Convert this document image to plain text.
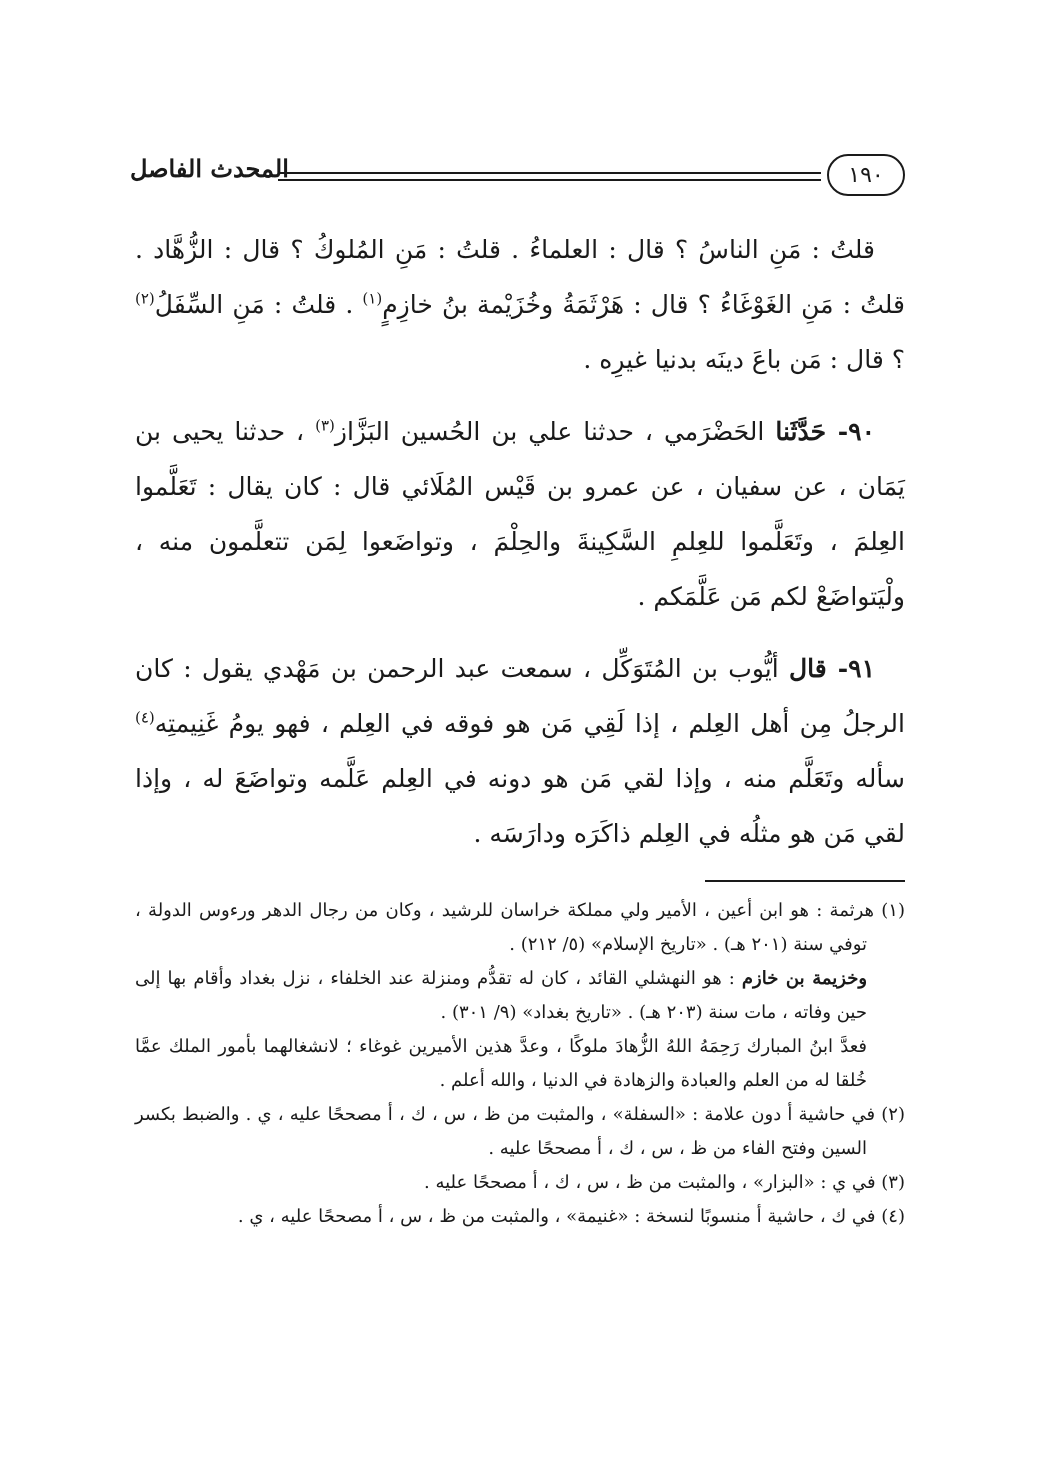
١٩٠
المحدث الفاصل

قلتُ : مَنِ الناسُ ؟ قال : العلماءُ . قلتُ : مَنِ المُلوكُ ؟ قال : الزُّهَّاد . قلتُ : مَنِ الغَوْغَاءُ ؟ قال : هَرْثَمَةُ وخُزَيْمة بنُ خازِمٍ$^{(١)}$ . قلتُ : مَنِ السِّفَلُ$^{(٢)}$ ؟ قال : مَن باعَ دينَه بدنيا غيرِه .

٩٠- حَدَّثَنا الحَضْرَمي ، حدثنا علي بن الحُسين البَزَّاز$^{(٣)}$ ، حدثنا يحيى بن يَمَان ، عن سفيان ، عن عمرو بن قَيْس المُلَائي قال : كان يقال : تَعَلَّموا العِلمَ ، وتَعَلَّموا للعِلمِ السَّكِينةَ والحِلْمَ ، وتواضَعوا لِمَن تتعلَّمون منه ، ولْيَتواضَعْ لكم مَن عَلَّمَكم .

٩١- قال أيُّوب بن المُتَوَكِّل ، سمعت عبد الرحمن بن مَهْدي يقول : كان الرجلُ مِن أهل العِلم ، إذا لَقِي مَن هو فوقه في العِلم ، فهو يومُ غَنِيمتِه$^{(٤)}$ سأله وتَعَلَّم منه ، وإذا لقي مَن هو دونه في العِلم عَلَّمه وتواضَعَ له ، وإذا لقي مَن هو مثلُه في العِلم ذاكَرَه ودارَسَه .

(١) هرثمة : هو ابن أعين ، الأمير ولي مملكة خراسان للرشيد ، وكان من رجال الدهر ورءوس الدولة ، توفي سنة (٢٠١ هـ) . «تاريخ الإسلام» (٥/ ٢١٢) .

وخزيمة بن خازم : هو النهشلي القائد ، كان له تقدُّم ومنزلة عند الخلفاء ، نزل بغداد وأقام بها إلى حين وفاته ، مات سنة (٢٠٣ هـ) . «تاريخ بغداد» (٩/ ٣٠١) .

فعدَّ ابنُ المبارك رَحِمَهُ اللهُ الزُّهادَ ملوكًا ، وعدَّ هذين الأميرين غوغاء ؛ لانشغالهما بأمور الملك عمَّا خُلقا له من العلم والعبادة والزهادة في الدنيا ، والله أعلم .

(٢) في حاشية أ دون علامة : «السفلة» ، والمثبت من ظ ، س ، ك ، أ مصححًا عليه ، ي . والضبط بكسر السين وفتح الفاء من ظ ، س ، ك ، أ مصححًا عليه .

(٣) في ي : «البزار» ، والمثبت من ظ ، س ، ك ، أ مصححًا عليه .

(٤) في ك ، حاشية أ منسوبًا لنسخة : «غنيمة» ، والمثبت من ظ ، س ، أ مصححًا عليه ، ي .
